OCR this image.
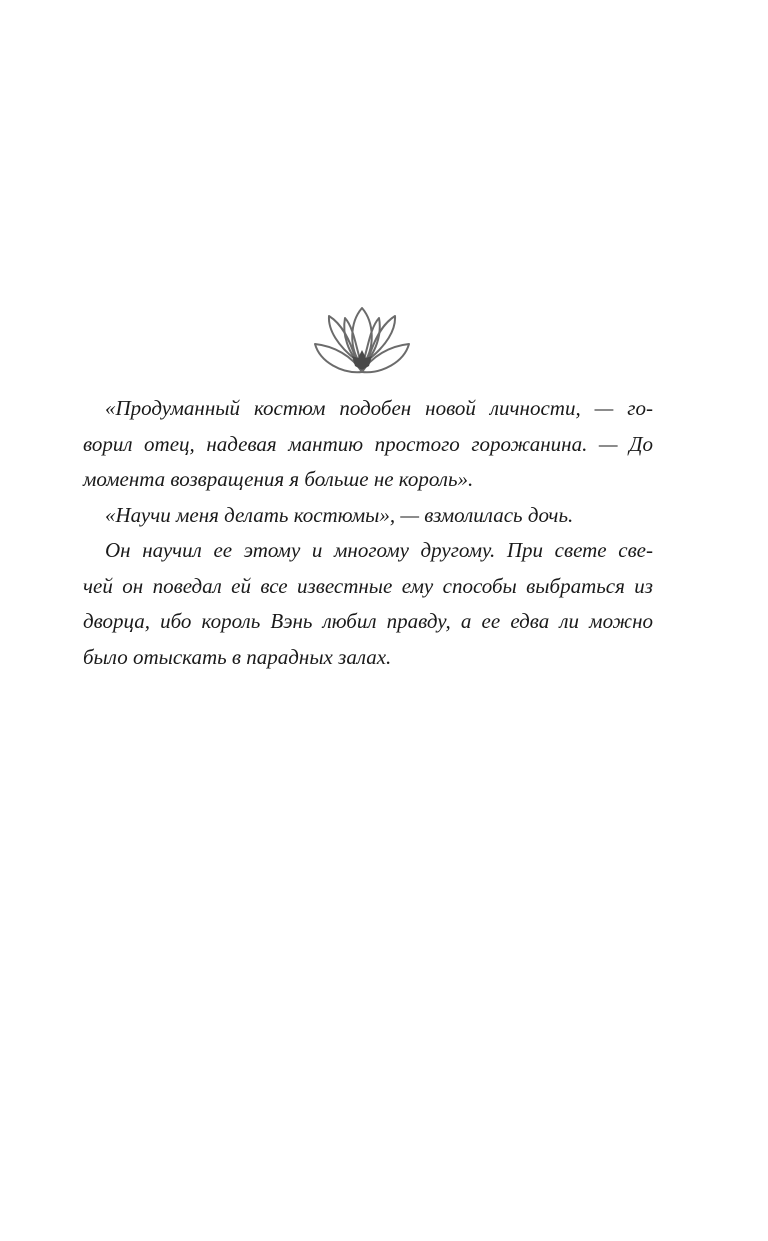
«Продуманный костюм подобен новой личности, — го-
ворил отец, надевая мантию простого горожанина. — До
момента возвращения я больше не король».
«Научи меня делать костюмы», — взмолилась дочь.
Он научил ее этому и многому другому. При свете све-
чей он поведал ей все известные ему способы выбраться из
дворца, ибо король Вэнь любил правду, а ее едва ли можно
было отыскать в парадных залах.
